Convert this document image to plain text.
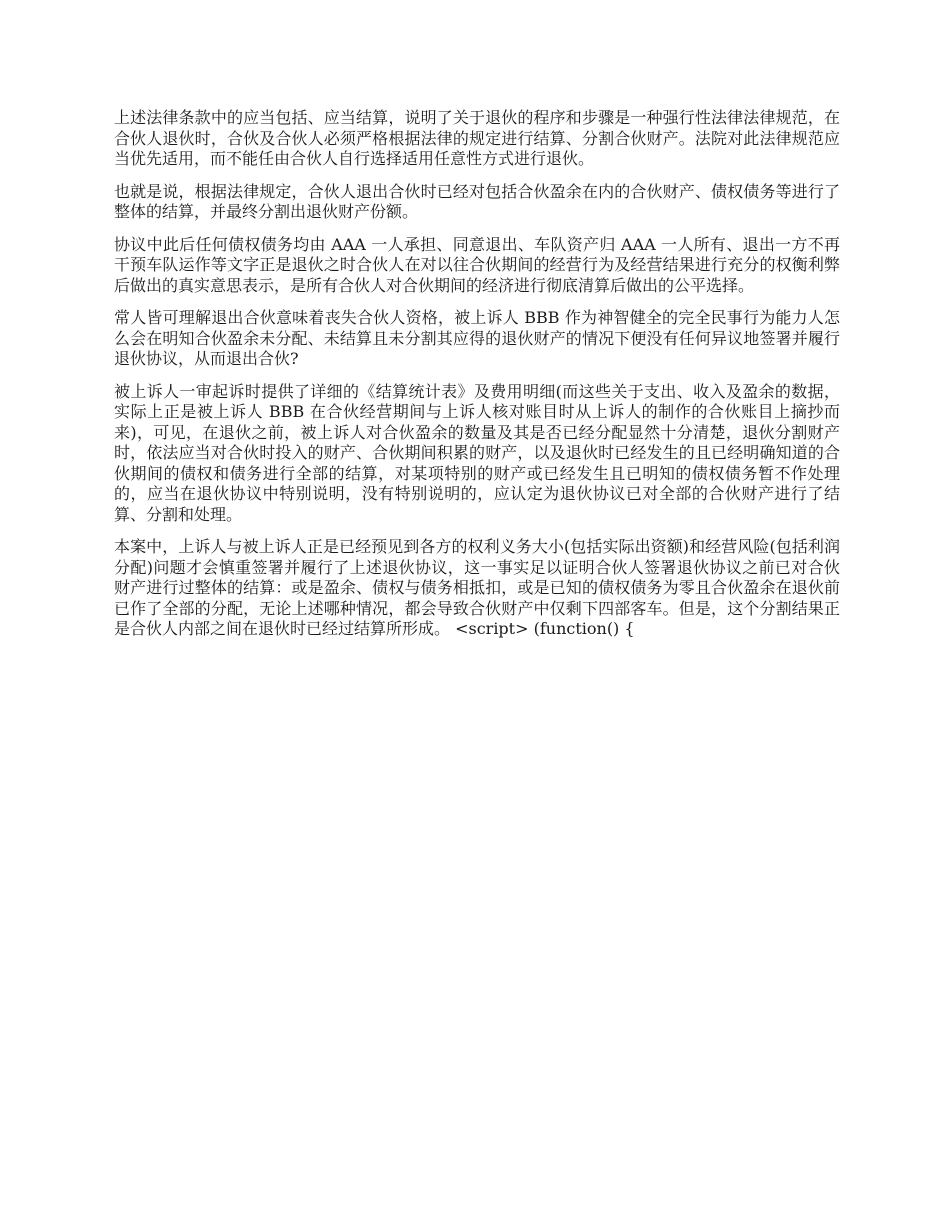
上述法律条款中的应当包括、应当结算，说明了关于退伙的程序和步骤是一种强行性法律法律规范，在合伙人退伙时，合伙及合伙人必须严格根据法律的规定进行结算、分割合伙财产。法院对此法律规范应当优先适用，而不能任由合伙人自行选择适用任意性方式进行退伙。

也就是说，根据法律规定，合伙人退出合伙时已经对包括合伙盈余在内的合伙财产、债权债务等进行了整体的结算，并最终分割出退伙财产份额。

协议中此后任何债权债务均由 AAA 一人承担、同意退出、车队资产归 AAA 一人所有、退出一方不再干预车队运作等文字正是退伙之时合伙人在对以往合伙期间的经营行为及经营结果进行充分的权衡利弊后做出的真实意思表示，是所有合伙人对合伙期间的经济进行彻底清算后做出的公平选择。

常人皆可理解退出合伙意味着丧失合伙人资格，被上诉人 BBB 作为神智健全的完全民事行为能力人怎么会在明知合伙盈余未分配、未结算且未分割其应得的退伙财产的情况下便没有任何异议地签署并履行退伙协议，从而退出合伙?

被上诉人一审起诉时提供了详细的《结算统计表》及费用明细(而这些关于支出、收入及盈余的数据，实际上正是被上诉人 BBB 在合伙经营期间与上诉人核对账目时从上诉人的制作的合伙账目上摘抄而来)，可见，在退伙之前，被上诉人对合伙盈余的数量及其是否已经分配显然十分清楚，退伙分割财产时，依法应当对合伙时投入的财产、合伙期间积累的财产，以及退伙时已经发生的且已经明确知道的合伙期间的债权和债务进行全部的结算，对某项特别的财产或已经发生且已明知的债权债务暂不作处理的，应当在退伙协议中特别说明，没有特别说明的，应认定为退伙协议已对全部的合伙财产进行了结算、分割和处理。

本案中，上诉人与被上诉人正是已经预见到各方的权利义务大小(包括实际出资额)和经营风险(包括利润分配)问题才会慎重签署并履行了上述退伙协议，这一事实足以证明合伙人签署退伙协议之前已对合伙财产进行过整体的结算：或是盈余、债权与债务相抵扣，或是已知的债权债务为零且合伙盈余在退伙前已作了全部的分配，无论上述哪种情况，都会导致合伙财产中仅剩下四部客车。但是，这个分割结果正是合伙人内部之间在退伙时已经过结算所形成。 <script> (function() {
